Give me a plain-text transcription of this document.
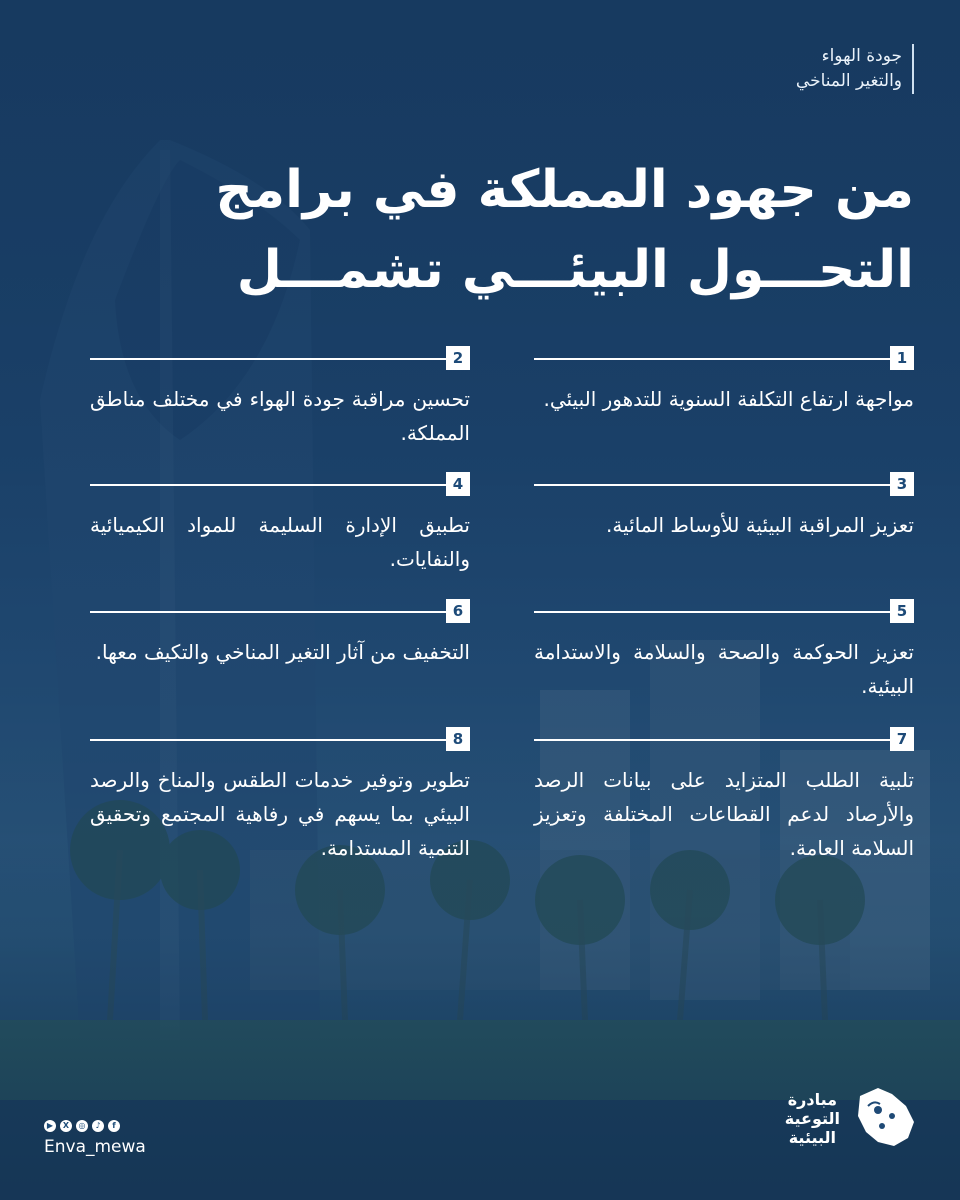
جودة الهواء
والتغير المناخي
من جهود المملكة في برامج
التحـــول البيئـــي تشمـــل
1
مواجهة ارتفاع التكلفة السنوية للتدهور البيئي.
2
تحسين مراقبة جودة الهواء في مختلف مناطق المملكة.
3
تعزيز المراقبة البيئية للأوساط المائية.
4
تطبيق الإدارة السليمة للمواد الكيميائية والنفايات.
5
تعزيز الحوكمة والصحة والسلامة والاستدامة البيئية.
6
التخفيف من آثار التغير المناخي والتكيف معها.
7
تلبية الطلب المتزايد على بيانات الرصد والأرصاد لدعم القطاعات المختلفة وتعزيز السلامة العامة.
8
تطوير وتوفير خدمات الطقس والمناخ والرصد البيئي بما يسهم في رفاهية المجتمع وتحقيق التنمية المستدامة.
▶	X	◎	♪	f
Enva_mewa
مبادرة
التوعية
البيئية
